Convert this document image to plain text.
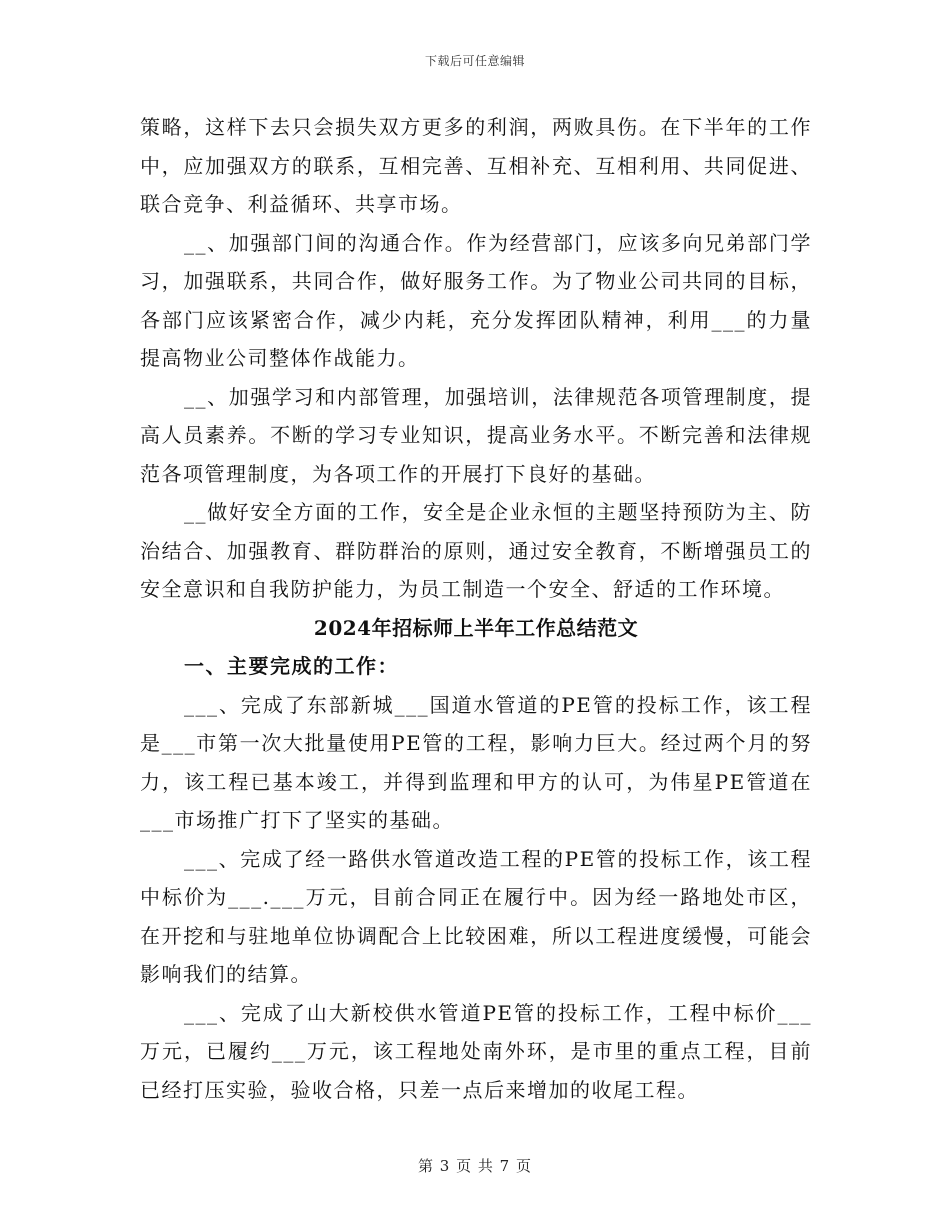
下载后可任意编辑

策略，这样下去只会损失双方更多的利润，两败具伤。在下半年的工作中，应加强双方的联系，互相完善、互相补充、互相利用、共同促进、联合竞争、利益循环、共享市场。

__、加强部门间的沟通合作。作为经营部门，应该多向兄弟部门学习，加强联系，共同合作，做好服务工作。为了物业公司共同的目标，各部门应该紧密合作，减少内耗，充分发挥团队精神，利用___的力量提高物业公司整体作战能力。

__、加强学习和内部管理，加强培训，法律规范各项管理制度，提高人员素养。不断的学习专业知识，提高业务水平。不断完善和法律规范各项管理制度，为各项工作的开展打下良好的基础。

__做好安全方面的工作，安全是企业永恒的主题坚持预防为主、防治结合、加强教育、群防群治的原则，通过安全教育，不断增强员工的安全意识和自我防护能力，为员工制造一个安全、舒适的工作环境。

2024年招标师上半年工作总结范文

一、主要完成的工作：

___、完成了东部新城___国道水管道的PE管的投标工作，该工程是___市第一次大批量使用PE管的工程，影响力巨大。经过两个月的努力，该工程已基本竣工，并得到监理和甲方的认可，为伟星PE管道在___市场推广打下了坚实的基础。

___、完成了经一路供水管道改造工程的PE管的投标工作，该工程中标价为___.___万元，目前合同正在履行中。因为经一路地处市区，在开挖和与驻地单位协调配合上比较困难，所以工程进度缓慢，可能会影响我们的结算。

___、完成了山大新校供水管道PE管的投标工作，工程中标价___万元，已履约___万元，该工程地处南外环，是市里的重点工程，目前已经打压实验，验收合格，只差一点后来增加的收尾工程。

第 3 页 共 7 页
